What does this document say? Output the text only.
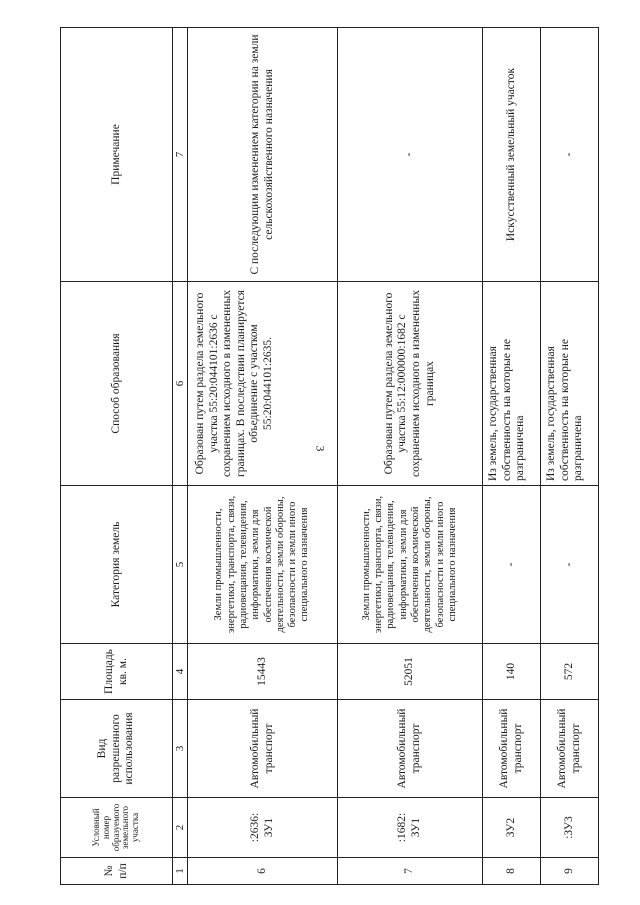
3
№ п/п	Условный номер образуемого земельного участка	Вид разрешенного использования	Площадь кв. м.	Категория земель	Способ образования	Примечание
1	2	3	4	5	6	7
6	:2636: ЗУ1	Автомобильный транспорт	15443	Земли промышленности, энергетики, транспорта, связи, радиовещания, телевидения, информатики, земли для обеспечения космической деятельности, земли обороны, безопасности и земли иного специального назначения	Образован путем раздела земельного участка 55:20:044101:2636 с сохранением исходного в измененных границах. В последствии планируется объединение с участком 55:20:044101:2635.	С последующим изменением категории на земли сельскохозяйственного назначения
7	:1682: ЗУ1	Автомобильный транспорт	52051	Земли промышленности, энергетики, транспорта, связи, радиовещания, телевидения, информатики, земли для обеспечения космической деятельности, земли обороны, безопасности и земли иного специального назначения	Образован путем раздела земельного участка 55:12:000000:1682 с сохранением исходного в измененных границах	-
8	ЗУ2	Автомобильный транспорт	140	-	Из земель, государственная собственность на которые не разграничена	Искусственный земельный участок
9	:ЗУ3	Автомобильный транспорт	572	-	Из земель, государственная собственность на которые не разграничена	-
